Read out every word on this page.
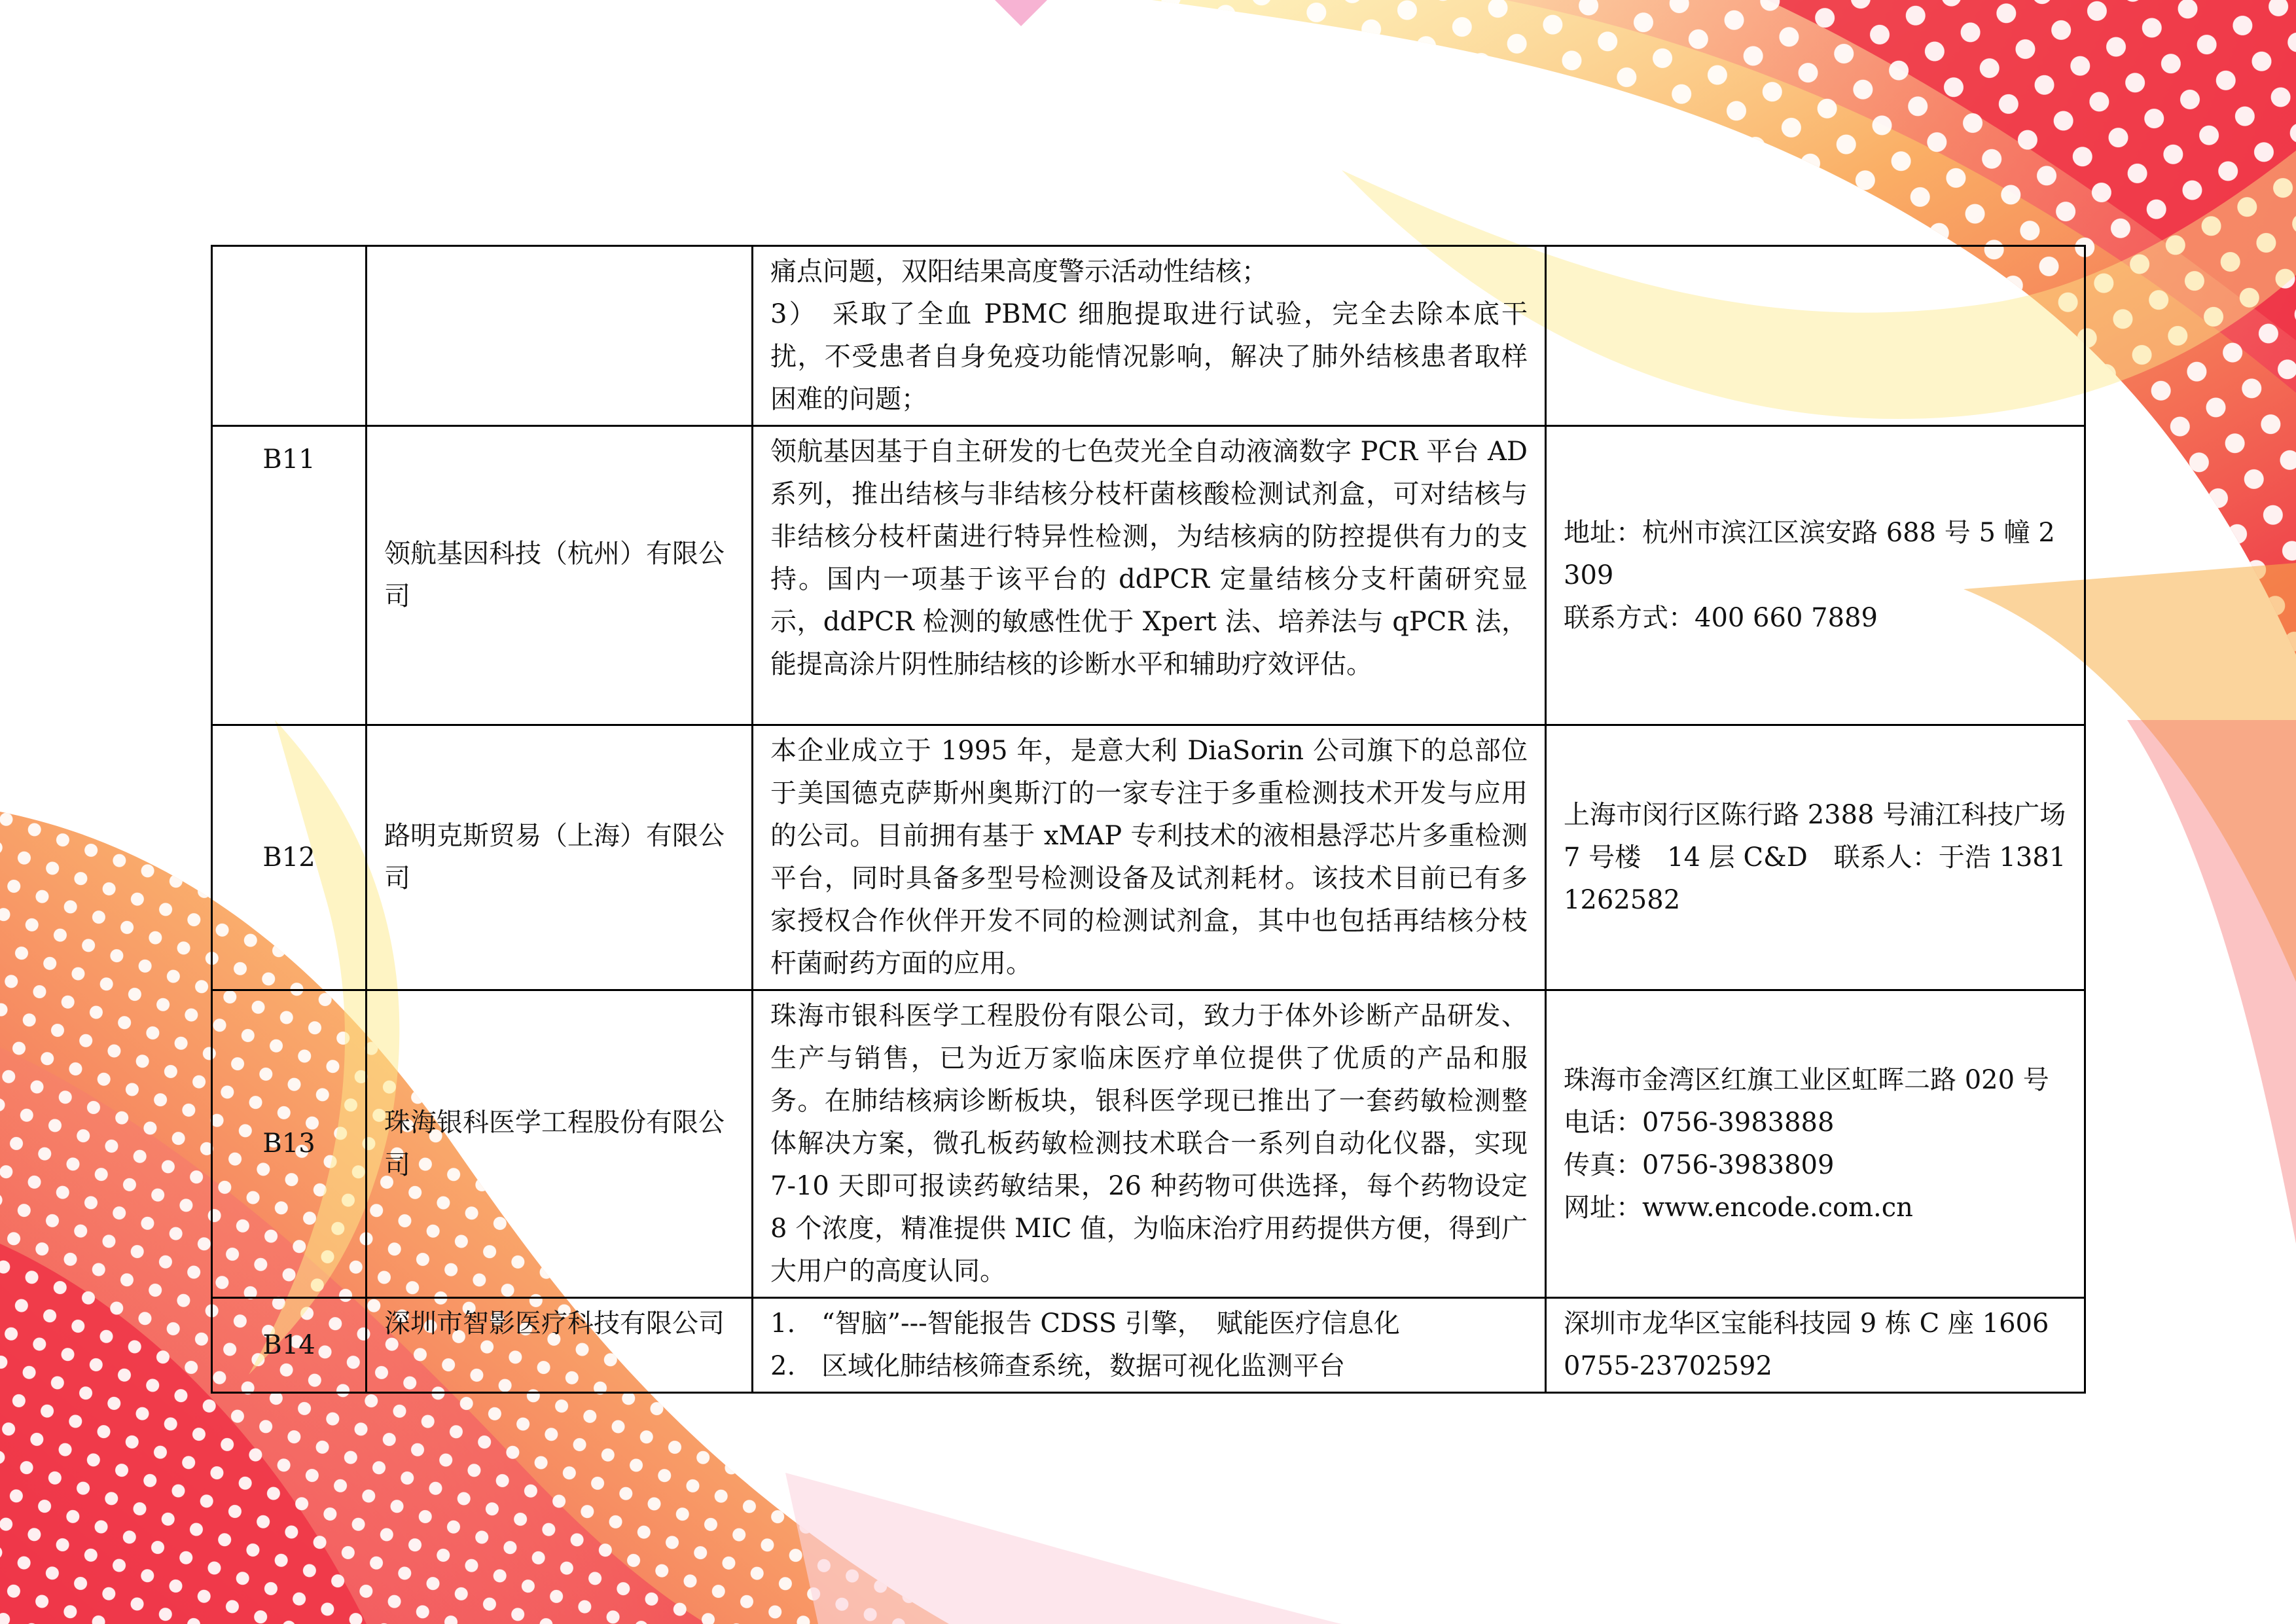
		痛点问题，双阳结果高度警示活动性结核；
3）　采取了全血 PBMC 细胞提取进行试验，完全去除本底干扰，不受患者自身免疫功能情况影响，解决了肺外结核患者取样困难的问题；	

B11	领航基因科技（杭州）有限公司	领航基因基于自主研发的七色荧光全自动液滴数字 PCR 平台 AD 系列，推出结核与非结核分枝杆菌核酸检测试剂盒，可对结核与非结核分枝杆菌进行特异性检测，为结核病的防控提供有力的支持。国内一项基于该平台的 ddPCR 定量结核分支杆菌研究显示，ddPCR 检测的敏感性优于 Xpert 法、培养法与 qPCR 法，能提高涂片阴性肺结核的诊断水平和辅助疗效评估。	地址：杭州市滨江区滨安路 688 号 5 幢 2309
联系方式：400 660 7889

B12	路明克斯贸易（上海）有限公司	本企业成立于 1995 年，是意大利 DiaSorin 公司旗下的总部位于美国德克萨斯州奥斯汀的一家专注于多重检测技术开发与应用的公司。目前拥有基于 xMAP 专利技术的液相悬浮芯片多重检测平台，同时具备多型号检测设备及试剂耗材。该技术目前已有多家授权合作伙伴开发不同的检测试剂盒，其中也包括再结核分枝杆菌耐药方面的应用。	上海市闵行区陈行路 2388 号浦江科技广场 7 号楼　14 层 C&D　联系人：于浩 13811262582

B13	珠海银科医学工程股份有限公司	珠海市银科医学工程股份有限公司，致力于体外诊断产品研发、生产与销售，已为近万家临床医疗单位提供了优质的产品和服务。在肺结核病诊断板块，银科医学现已推出了一套药敏检测整体解决方案，微孔板药敏检测技术联合一系列自动化仪器，实现 7-10 天即可报读药敏结果，26 种药物可供选择，每个药物设定 8 个浓度，精准提供 MIC 值，为临床治疗用药提供方便，得到广大用户的高度认同。	珠海市金湾区红旗工业区虹晖二路 020 号
电话：0756-3983888
传真：0756-3983809
网址：www.encode.com.cn

B14	深圳市智影医疗科技有限公司	1.　“智脑”---智能报告 CDSS 引擎，　赋能医疗信息化
2.　区域化肺结核筛查系统，数据可视化监测平台	深圳市龙华区宝能科技园 9 栋 C 座 1606
0755-23702592
